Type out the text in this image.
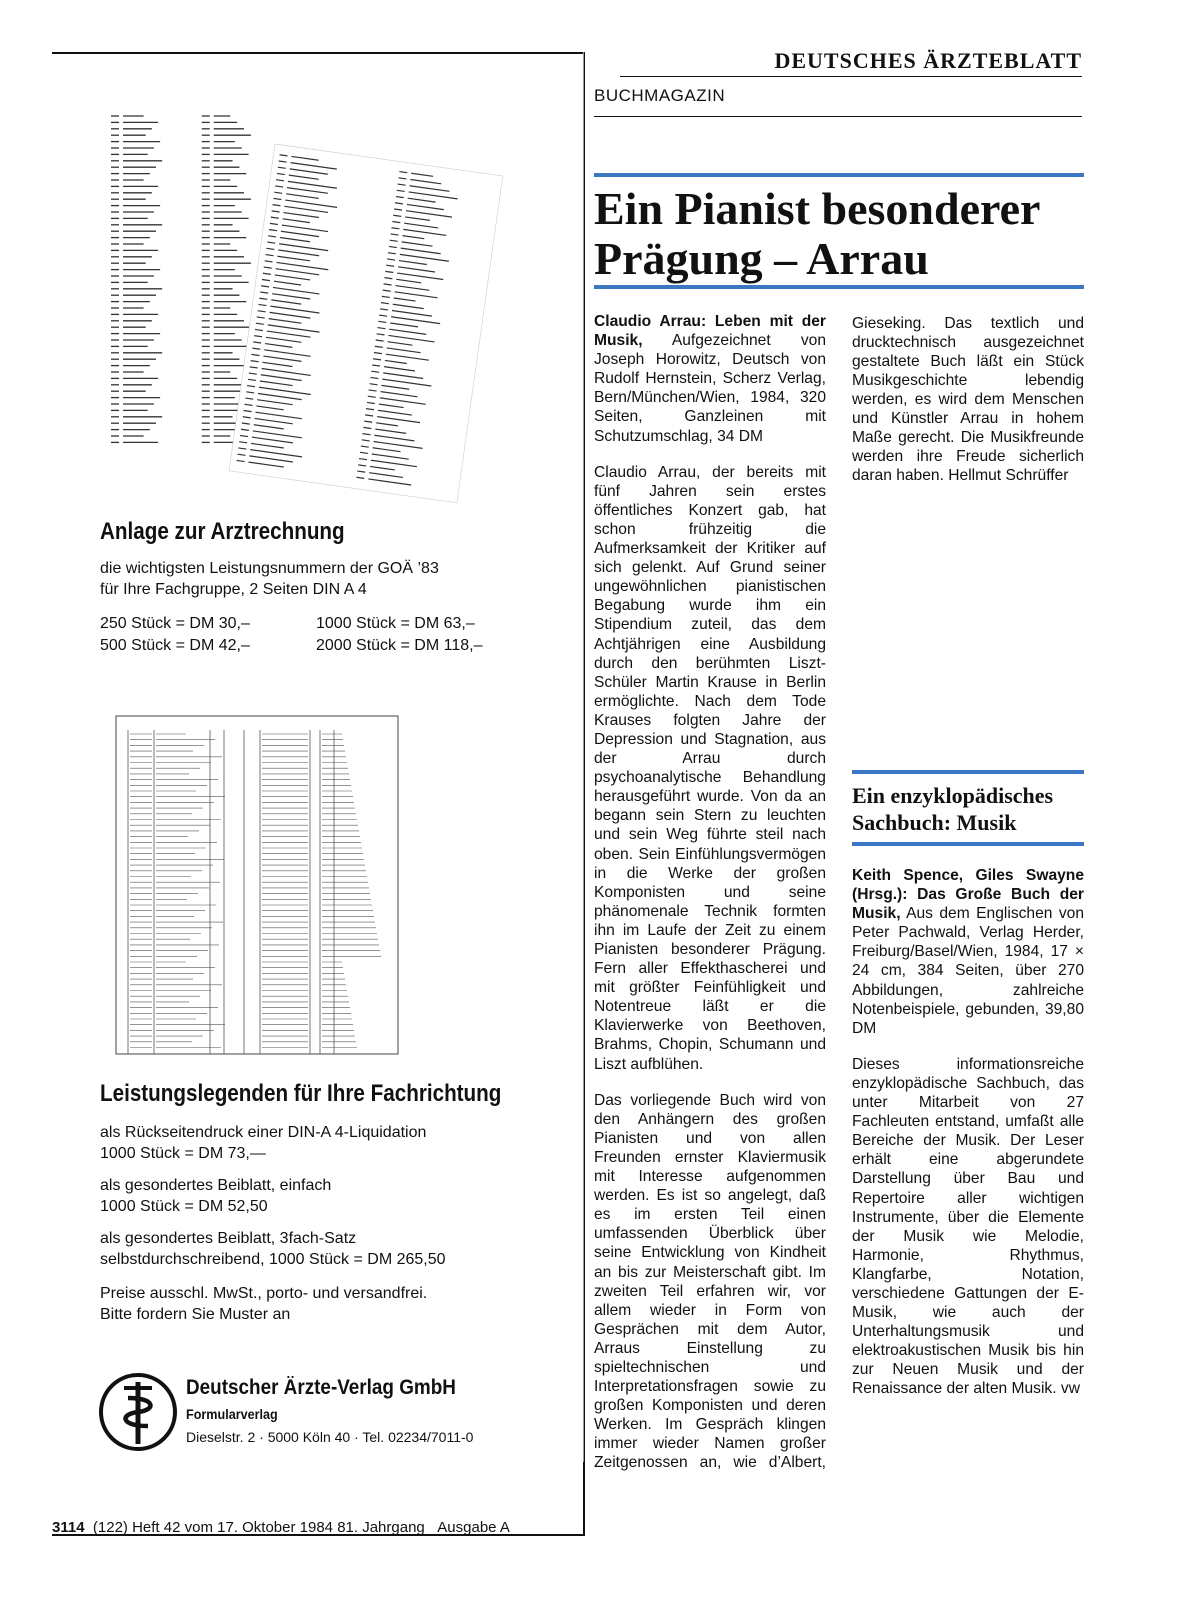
Anlage zur Arztrechnung
die wichtigsten Leistungsnummern der GOÄ ’83
für Ihre Fachgruppe, 2 Seiten DIN A 4
250 Stück = DM 30,–	1000 Stück = DM 63,–
500 Stück = DM 42,–	2000 Stück = DM 118,–
Leistungslegenden für Ihre Fachrichtung
als Rückseitendruck einer DIN-A 4-Liquidation
1000 Stück = DM 73,—
als gesondertes Beiblatt, einfach
1000 Stück = DM 52,50
als gesondertes Beiblatt, 3fach-Satz
selbstdurchschreibend, 1000 Stück = DM 265,50
Preise ausschl. MwSt., porto- und versandfrei.
Bitte fordern Sie Muster an
Deutscher Ärzte-Verlag GmbH
Formularverlag
Dieselstr. 2 · 5000 Köln 40 · Tel. 02234/7011-0
DEUTSCHES ÄRZTEBLATT
BUCHMAGAZIN
Ein Pianist besonderer
Prägung – Arrau

Claudio Arrau: Leben mit der Musik, Aufgezeichnet von Joseph Horowitz, Deutsch von Rudolf Hernstein, Scherz Verlag, Bern/München/Wien, 1984, 320 Seiten, Ganzleinen mit Schutzumschlag, 34 DM

Claudio Arrau, der bereits mit fünf Jahren sein erstes öffentliches Konzert gab, hat schon frühzeitig die Aufmerksamkeit der Kritiker auf sich gelenkt. Auf Grund seiner ungewöhnlichen pianistischen Begabung wurde ihm ein Stipendium zuteil, das dem Achtjährigen eine Ausbildung durch den berühmten Liszt-Schüler Martin Krause in Berlin ermöglichte. Nach dem Tode Krauses folgten Jahre der Depression und Stagnation, aus der Arrau durch psychoanalytische Behandlung herausgeführt wurde. Von da an begann sein Stern zu leuchten und sein Weg führte steil nach oben. Sein Einfühlungsvermögen in die Werke der großen Komponisten und seine phänomenale Technik formten ihn im Laufe der Zeit zu einem Pianisten besonderer Prägung. Fern aller Effekthascherei und mit größter Feinfühligkeit und Notentreue läßt er die Klavierwerke von Beethoven, Brahms, Chopin, Schumann und Liszt aufblühen.

Das vorliegende Buch wird von den Anhängern des großen Pianisten und von allen Freunden ernster Klaviermusik mit Interesse aufgenommen werden. Es ist so angelegt, daß es im ersten Teil einen umfassenden Überblick über seine Entwicklung von Kindheit an bis zur Meisterschaft gibt. Im zweiten Teil erfahren wir, vor allem wieder in Form von Gesprächen mit dem Autor, Arraus Einstellung zu spieltechnischen und Interpretationsfragen sowie zu großen Komponisten und deren Werken. Im Gespräch klingen immer wieder Namen großer Zeitgenossen an, wie d’Albert,

Gieseking. Das textlich und drucktechnisch ausgezeichnet gestaltete Buch läßt ein Stück Musikgeschichte lebendig werden, es wird dem Menschen und Künstler Arrau in hohem Maße gerecht. Die Musikfreunde werden ihre Freude sicherlich daran haben. Hellmut Schrüffer

Ein enzyklopädisches
Sachbuch: Musik

Keith Spence, Giles Swayne (Hrsg.): Das Große Buch der Musik, Aus dem Englischen von Peter Pachwald, Verlag Herder, Freiburg/Basel/Wien, 1984, 17 × 24 cm, 384 Seiten, über 270 Abbildungen, zahlreiche Notenbeispiele, gebunden, 39,80 DM

Dieses informationsreiche enzyklopädische Sachbuch, das unter Mitarbeit von 27 Fachleuten entstand, umfaßt alle Bereiche der Musik. Der Leser erhält eine abgerundete Darstellung über Bau und Repertoire aller wichtigen Instrumente, über die Elemente der Musik wie Melodie, Harmonie, Rhythmus, Klangfarbe, Notation, verschiedene Gattungen der E-Musik, wie auch der Unterhaltungsmusik und elektroakustischen Musik bis hin zur Neuen Musik und der Renaissance der alten Musik. vw

3114 (122) Heft 42 vom 17. Oktober 1984 81. Jahrgang Ausgabe A
